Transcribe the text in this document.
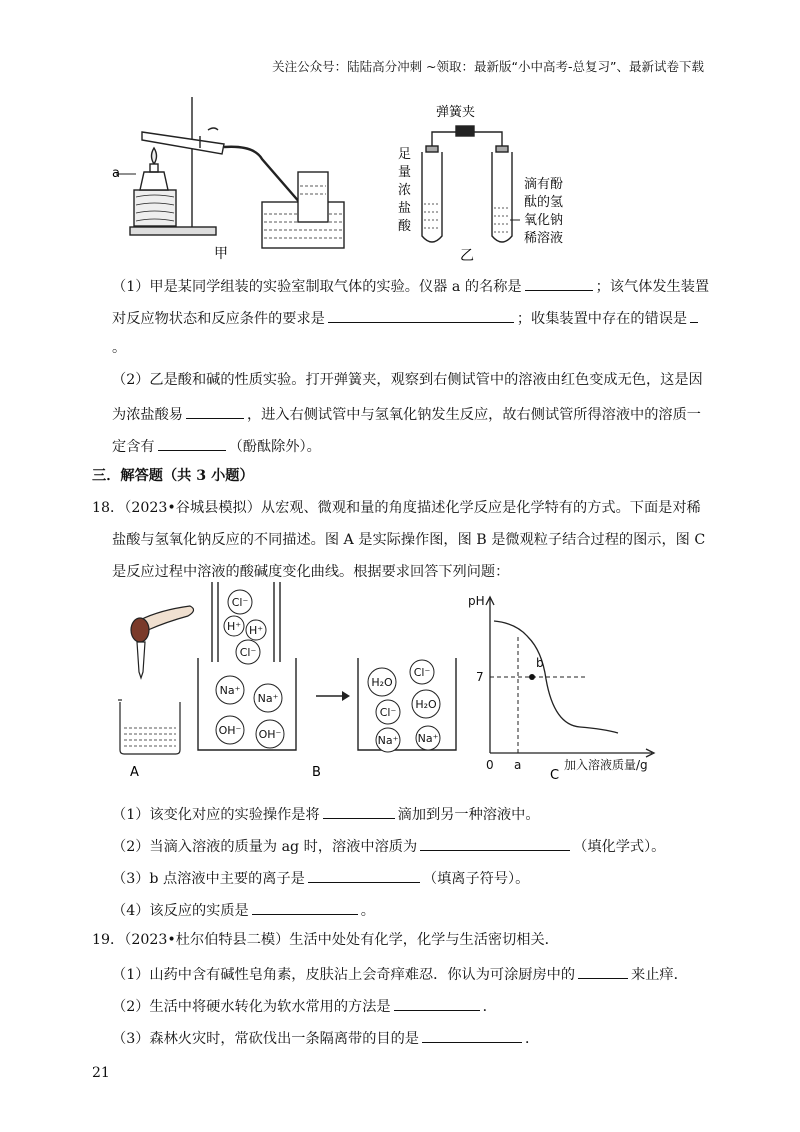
关注公众号：陆陆高分冲刺 ~领取：最新版“小中高考-总复习”、最新试卷下载
a
甲
弹簧夹
足
量
浓
盐
酸
滴有酚
酞的氢
氧化钠
稀溶液
乙
（1）甲是某同学组装的实验室制取气体的实验。仪器 a 的名称是	；该气体发生装置
对反应物状态和反应条件的要求是	；收集装置中存在的错误是
。
（2）乙是酸和碱的性质实验。打开弹簧夹，观察到右侧试管中的溶液由红色变成无色，这是因
为浓盐酸易	，进入右侧试管中与氢氧化钠发生反应，故右侧试管所得溶液中的溶质一
定含有	（酚酞除外）。
三．解答题（共 3 小题）
18．（2023•谷城县模拟）从宏观、微观和量的角度描述化学反应是化学特有的方式。下面是对稀
盐酸与氢氧化钠反应的不同描述。图 A 是实际操作图，图 B 是微观粒子结合过程的图示，图 C
是反应过程中溶液的酸碱度变化曲线。根据要求回答下列问题：
A
Cl⁻
H⁺ H⁺
Cl⁻
Na⁺
Na⁺
OH⁻ OH⁻
H₂O
Cl⁻
Cl⁻
H₂O
Na⁺ Na⁺
B
pH
7
b
0 a	加入溶液质量/g
C
（1）该变化对应的实验操作是将	滴加到另一种溶液中。
（2）当滴入溶液的质量为 ag 时，溶液中溶质为	（填化学式）。
（3）b 点溶液中主要的离子是	（填离子符号）。
（4）该反应的实质是	。
19．（2023•杜尔伯特县二模）生活中处处有化学，化学与生活密切相关．
（1）山药中含有碱性皂角素，皮肤沾上会奇痒难忍．你认为可涂厨房中的	来止痒．
（2）生活中将硬水转化为软水常用的方法是	．
（3）森林火灾时，常砍伐出一条隔离带的目的是	．
21
